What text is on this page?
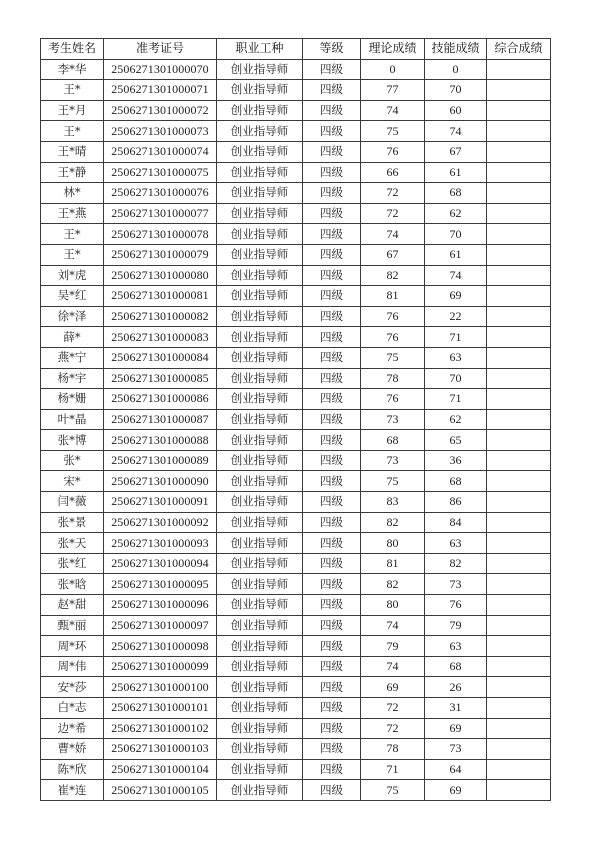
考生姓名	准考证号	职业工种	等级	理论成绩	技能成绩	综合成绩
李*华	2506271301000070	创业指导师	四级	0	0	
王*	2506271301000071	创业指导师	四级	77	70	
王*月	2506271301000072	创业指导师	四级	74	60	
王*	2506271301000073	创业指导师	四级	75	74	
王*晴	2506271301000074	创业指导师	四级	76	67	
王*静	2506271301000075	创业指导师	四级	66	61	
林*	2506271301000076	创业指导师	四级	72	68	
王*燕	2506271301000077	创业指导师	四级	72	62	
王*	2506271301000078	创业指导师	四级	74	70	
王*	2506271301000079	创业指导师	四级	67	61	
刘*虎	2506271301000080	创业指导师	四级	82	74	
吴*红	2506271301000081	创业指导师	四级	81	69	
徐*泽	2506271301000082	创业指导师	四级	76	22	
薛*	2506271301000083	创业指导师	四级	76	71	
燕*宁	2506271301000084	创业指导师	四级	75	63	
杨*宇	2506271301000085	创业指导师	四级	78	70	
杨*姗	2506271301000086	创业指导师	四级	76	71	
叶*晶	2506271301000087	创业指导师	四级	73	62	
张*博	2506271301000088	创业指导师	四级	68	65	
张*	2506271301000089	创业指导师	四级	73	36	
宋*	2506271301000090	创业指导师	四级	75	68	
闫*薇	2506271301000091	创业指导师	四级	83	86	
张*景	2506271301000092	创业指导师	四级	82	84	
张*天	2506271301000093	创业指导师	四级	80	63	
张*红	2506271301000094	创业指导师	四级	81	82	
张*晗	2506271301000095	创业指导师	四级	82	73	
赵*甜	2506271301000096	创业指导师	四级	80	76	
甄*丽	2506271301000097	创业指导师	四级	74	79	
周*环	2506271301000098	创业指导师	四级	79	63	
周*伟	2506271301000099	创业指导师	四级	74	68	
安*莎	2506271301000100	创业指导师	四级	69	26	
白*志	2506271301000101	创业指导师	四级	72	31	
边*希	2506271301000102	创业指导师	四级	72	69	
曹*娇	2506271301000103	创业指导师	四级	78	73	
陈*欣	2506271301000104	创业指导师	四级	71	64	
崔*连	2506271301000105	创业指导师	四级	75	69	
